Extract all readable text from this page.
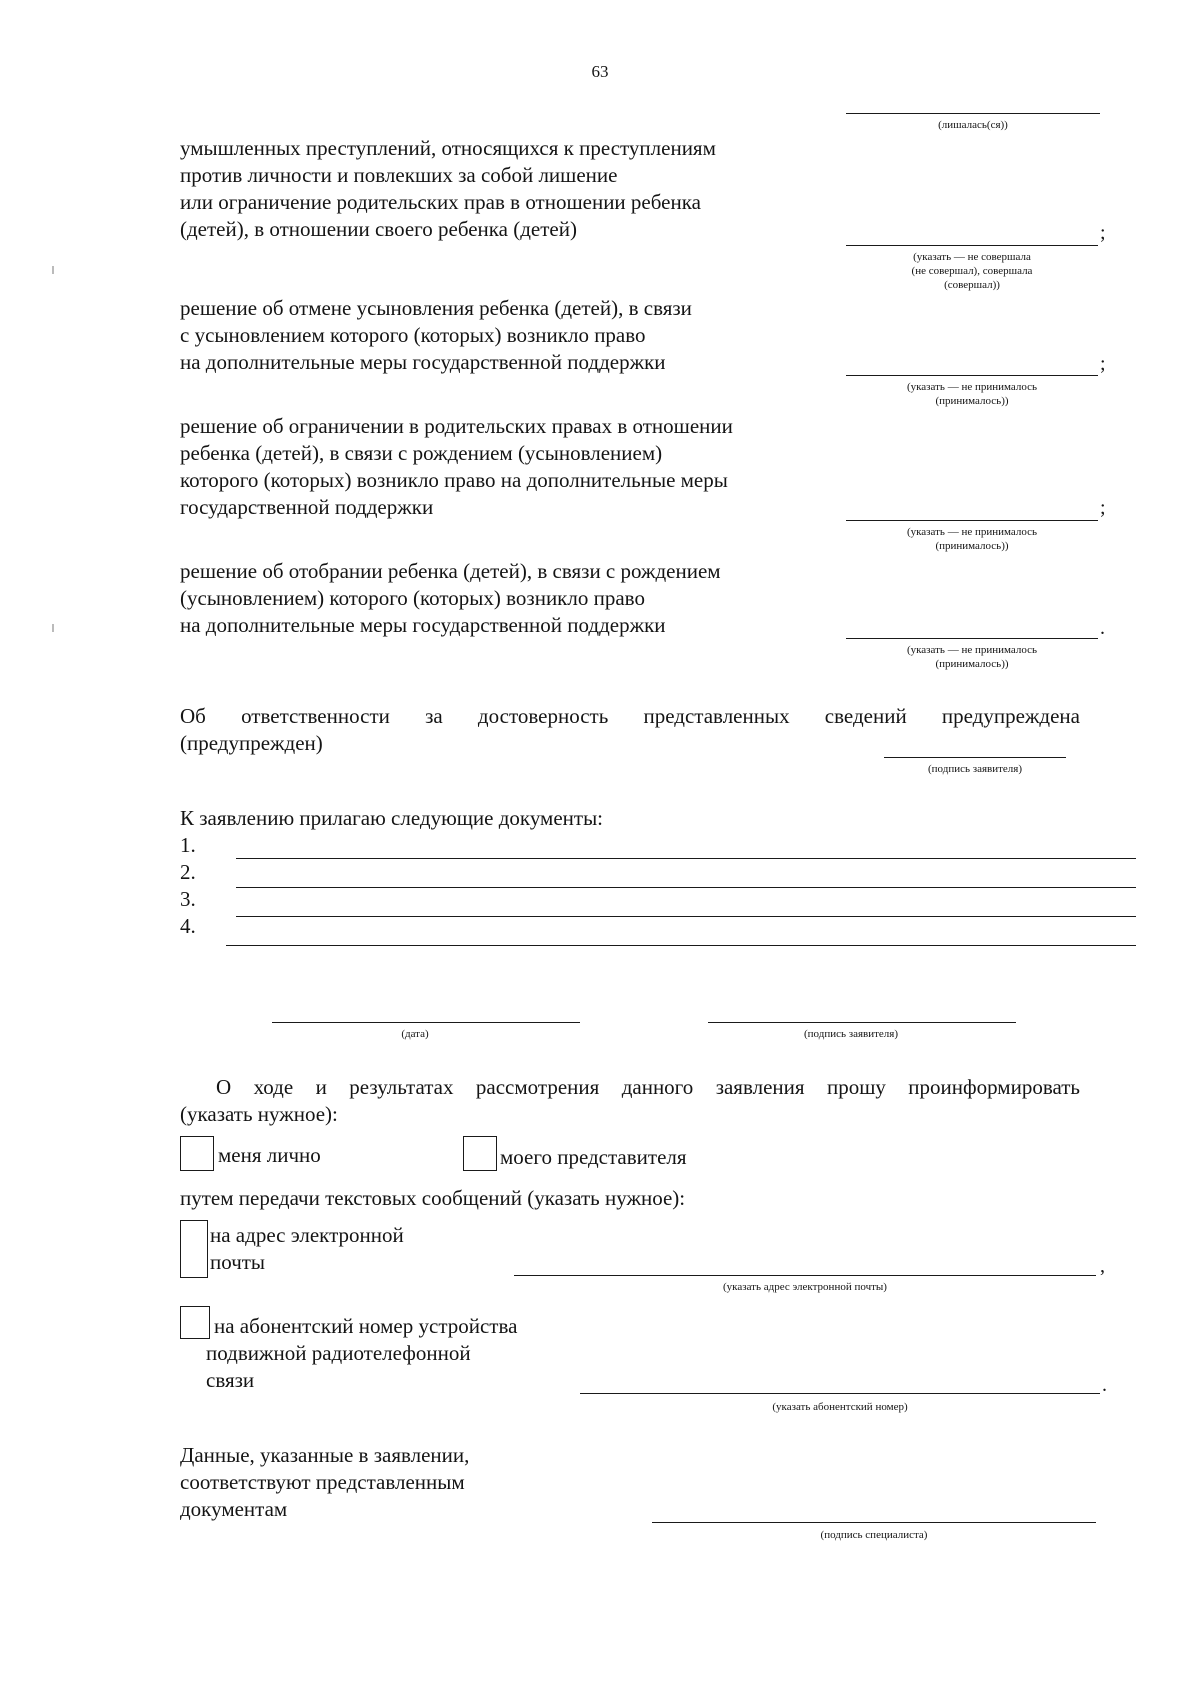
63
(лишалась(ся))
умышленных преступлений, относящихся к преступлениям
против личности и повлекших за собой лишение
или ограничение родительских прав в отношении ребенка
(детей), в отношении своего ребенка (детей)	;
(указать — не совершала
(не совершал), совершала
(совершал))
решение об отмене усыновления ребенка (детей), в связи
с усыновлением которого (которых) возникло право
на дополнительные меры государственной поддержки	;
(указать — не принималось
(принималось))
решение об ограничении в родительских правах в отношении
ребенка (детей), в связи с рождением (усыновлением)
которого (которых) возникло право на дополнительные меры
государственной поддержки	;
(указать — не принималось
(принималось))
решение об отобрании ребенка (детей), в связи с рождением
(усыновлением) которого (которых) возникло право
на дополнительные меры государственной поддержки	.
(указать — не принималось
(принималось))
Об ответственности за достоверность представленных сведений предупреждена
(предупрежден)
(подпись заявителя)
К заявлению прилагаю следующие документы:
1.
2.
3.
4.
(дата)	(подпись заявителя)
О ходе и результатах рассмотрения данного заявления прошу проинформировать
(указать нужное):
меня лично	моего представителя
путем передачи текстовых сообщений (указать нужное):
на адрес электронной
почты	,
(указать адрес электронной почты)
на абонентский номер устройства
подвижной радиотелефонной
связи	.
(указать абонентский номер)
Данные, указанные в заявлении,
соответствуют представленным
документам
(подпись специалиста)
